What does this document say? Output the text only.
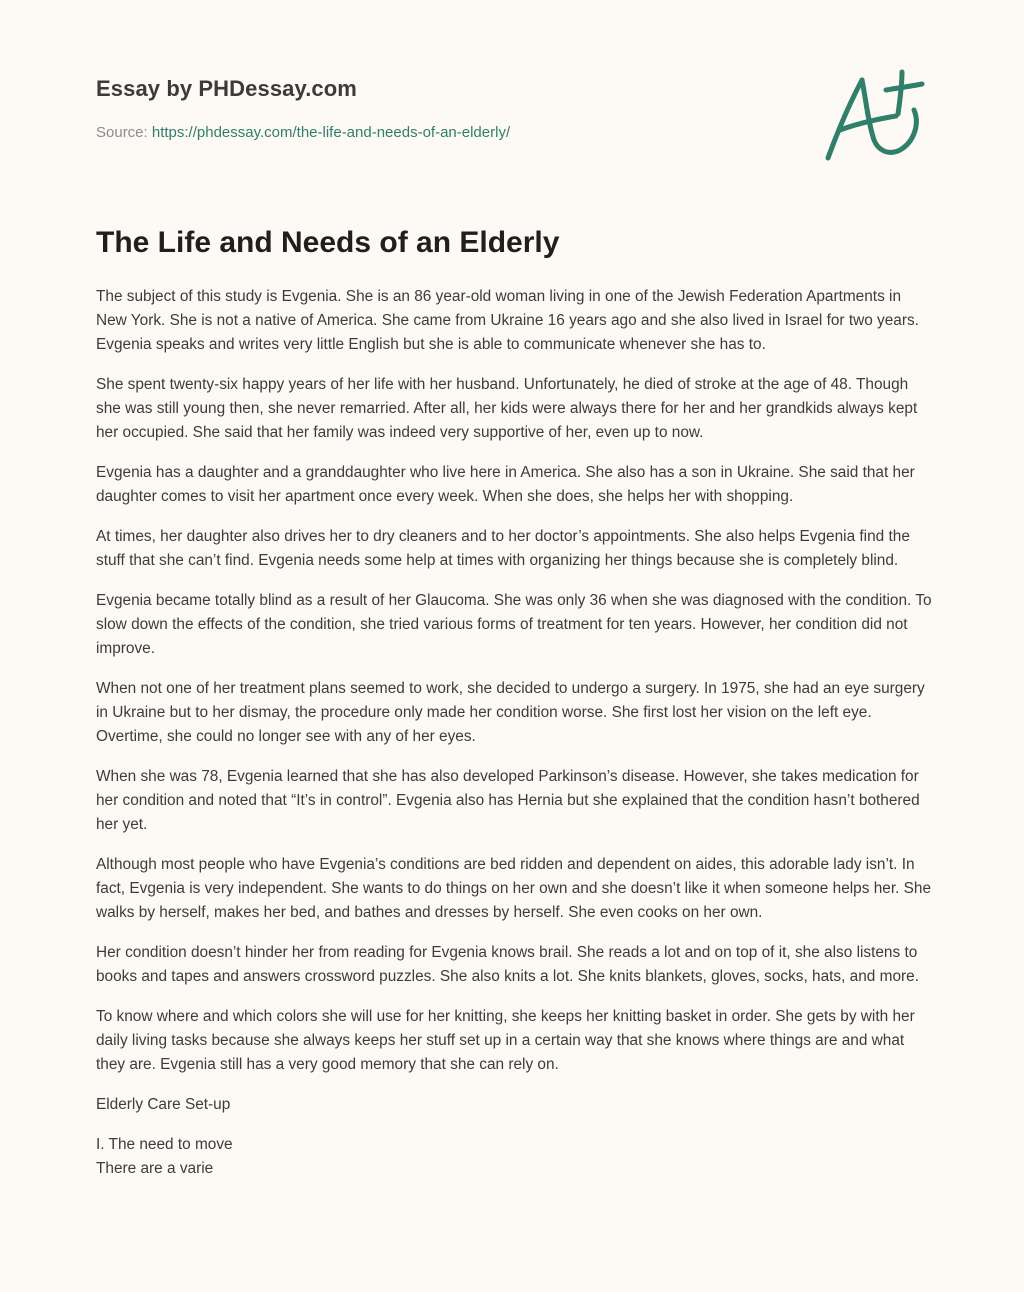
Essay by PHDessay.com
Source: https://phdessay.com/the-life-and-needs-of-an-elderly/
The Life and Needs of an Elderly

The subject of this study is Evgenia. She is an 86 year-old woman living in one of the Jewish Federation Apartments in New York. She is not a native of America. She came from Ukraine 16 years ago and she also lived in Israel for two years. Evgenia speaks and writes very little English but she is able to communicate whenever she has to.

She spent twenty-six happy years of her life with her husband. Unfortunately, he died of stroke at the age of 48. Though she was still young then, she never remarried. After all, her kids were always there for her and her grandkids always kept her occupied. She said that her family was indeed very supportive of her, even up to now.

Evgenia has a daughter and a granddaughter who live here in America. She also has a son in Ukraine. She said that her daughter comes to visit her apartment once every week. When she does, she helps her with shopping.

At times, her daughter also drives her to dry cleaners and to her doctor’s appointments. She also helps Evgenia find the stuff that she can’t find. Evgenia needs some help at times with organizing her things because she is completely blind.

Evgenia became totally blind as a result of her Glaucoma. She was only 36 when she was diagnosed with the condition. To slow down the effects of the condition, she tried various forms of treatment for ten years. However, her condition did not improve.

When not one of her treatment plans seemed to work, she decided to undergo a surgery. In 1975, she had an eye surgery in Ukraine but to her dismay, the procedure only made her condition worse. She first lost her vision on the left eye. Overtime, she could no longer see with any of her eyes.

When she was 78, Evgenia learned that she has also developed Parkinson’s disease. However, she takes medication for her condition and noted that “It’s in control”. Evgenia also has Hernia but she explained that the condition hasn’t bothered her yet.

Although most people who have Evgenia’s conditions are bed ridden and dependent on aides, this adorable lady isn’t. In fact, Evgenia is very independent. She wants to do things on her own and she doesn’t like it when someone helps her. She walks by herself, makes her bed, and bathes and dresses by herself. She even cooks on her own.

Her condition doesn’t hinder her from reading for Evgenia knows brail. She reads a lot and on top of it, she also listens to books and tapes and answers crossword puzzles. She also knits a lot. She knits blankets, gloves, socks, hats, and more.

To know where and which colors she will use for her knitting, she keeps her knitting basket in order. She gets by with her daily living tasks because she always keeps her stuff set up in a certain way that she knows where things are and what they are. Evgenia still has a very good memory that she can rely on.

Elderly Care Set-up

I. The need to move
There are a varie
